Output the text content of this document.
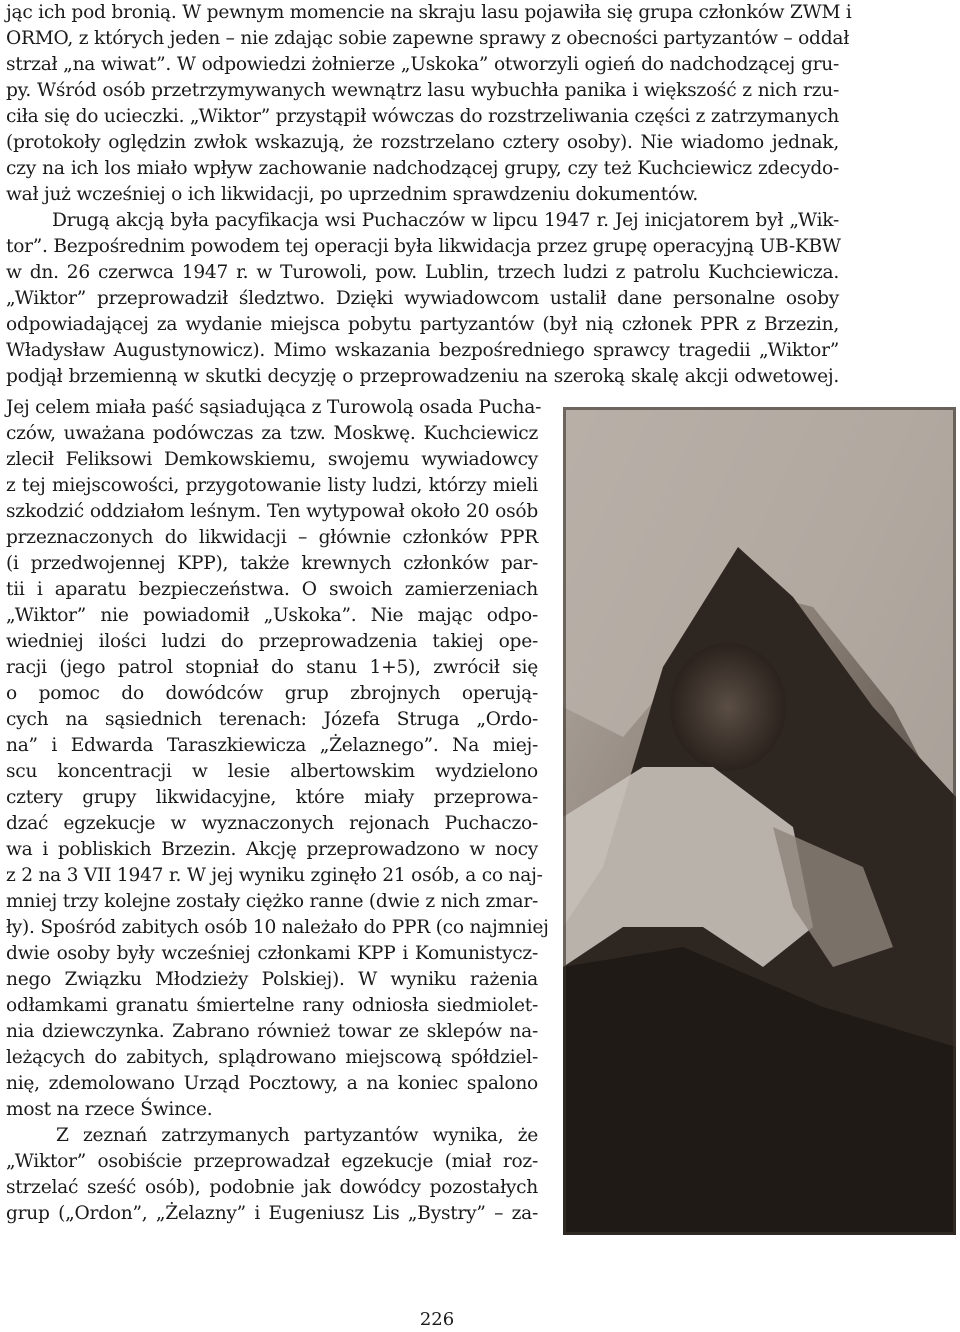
jąc ich pod bronią. W pewnym momencie na skraju lasu pojawiła się grupa członków ZWM i
ORMO, z których jeden – nie zdając sobie zapewne sprawy z obecności partyzantów – oddał
strzał „na wiwat”. W odpowiedzi żołnierze „Uskoka” otworzyli ogień do nadchodzącej gru-
py. Wśród osób przetrzymywanych wewnątrz lasu wybuchła panika i większość z nich rzu-
ciła się do ucieczki. „Wiktor” przystąpił wówczas do rozstrzeliwania części z zatrzymanych
(protokoły oględzin zwłok wskazują, że rozstrzelano cztery osoby). Nie wiadomo jednak,
czy na ich los miało wpływ zachowanie nadchodzącej grupy, czy też Kuchciewicz zdecydo-
wał już wcześniej o ich likwidacji, po uprzednim sprawdzeniu dokumentów.
Drugą akcją była pacyfikacja wsi Puchaczów w lipcu 1947 r. Jej inicjatorem był „Wik-
tor”. Bezpośrednim powodem tej operacji była likwidacja przez grupę operacyjną UB-KBW
w dn. 26 czerwca 1947 r. w Turowoli, pow. Lublin, trzech ludzi z patrolu Kuchciewicza.
„Wiktor” przeprowadził śledztwo. Dzięki wywiadowcom ustalił dane personalne osoby
odpowiadającej za wydanie miejsca pobytu partyzantów (był nią członek PPR z Brzezin,
Władysław Augustynowicz). Mimo wskazania bezpośredniego sprawcy tragedii „Wiktor”
podjął brzemienną w skutki decyzję o przeprowadzeniu na szeroką skalę akcji odwetowej.
Jej celem miała paść sąsiadująca z Turowolą osada Pucha-
czów, uważana podówczas za tzw. Moskwę. Kuchciewicz
zlecił Feliksowi Demkowskiemu, swojemu wywiadowcy
z tej miejscowości, przygotowanie listy ludzi, którzy mieli
szkodzić oddziałom leśnym. Ten wytypował około 20 osób
przeznaczonych do likwidacji – głównie członków PPR
(i przedwojennej KPP), także krewnych członków par-
tii i aparatu bezpieczeństwa. O swoich zamierzeniach
„Wiktor” nie powiadomił „Uskoka”. Nie mając odpo-
wiedniej ilości ludzi do przeprowadzenia takiej ope-
racji (jego patrol stopniał do stanu 1+5), zwrócił się
o pomoc do dowódców grup zbrojnych operują-
cych na sąsiednich terenach: Józefa Struga „Ordo-
na” i Edwarda Taraszkiewicza „Żelaznego”. Na miej-
scu koncentracji w lesie albertowskim wydzielono
cztery grupy likwidacyjne, które miały przeprowa-
dzać egzekucje w wyznaczonych rejonach Puchaczo-
wa i pobliskich Brzezin. Akcję przeprowadzono w nocy
z 2 na 3 VII 1947 r. W jej wyniku zginęło 21 osób, a co naj-
mniej trzy kolejne zostały ciężko ranne (dwie z nich zmar-
ły). Spośród zabitych osób 10 należało do PPR (co najmniej
dwie osoby były wcześniej członkami KPP i Komunistycz-
nego Związku Młodzieży Polskiej). W wyniku rażenia
odłamkami granatu śmiertelne rany odniosła siedmiolet-
nia dziewczynka. Zabrano również towar ze sklepów na-
leżących do zabitych, splądrowano miejscową spółdziel-
nię, zdemolowano Urząd Pocztowy, a na koniec spalono
most na rzece Śwince.
Z zeznań zatrzymanych partyzantów wynika, że
„Wiktor” osobiście przeprowadzał egzekucje (miał roz-
strzelać sześć osób), podobnie jak dowódcy pozostałych
grup („Ordon”, „Żelazny” i Eugeniusz Lis „Bystry” – za-
226
